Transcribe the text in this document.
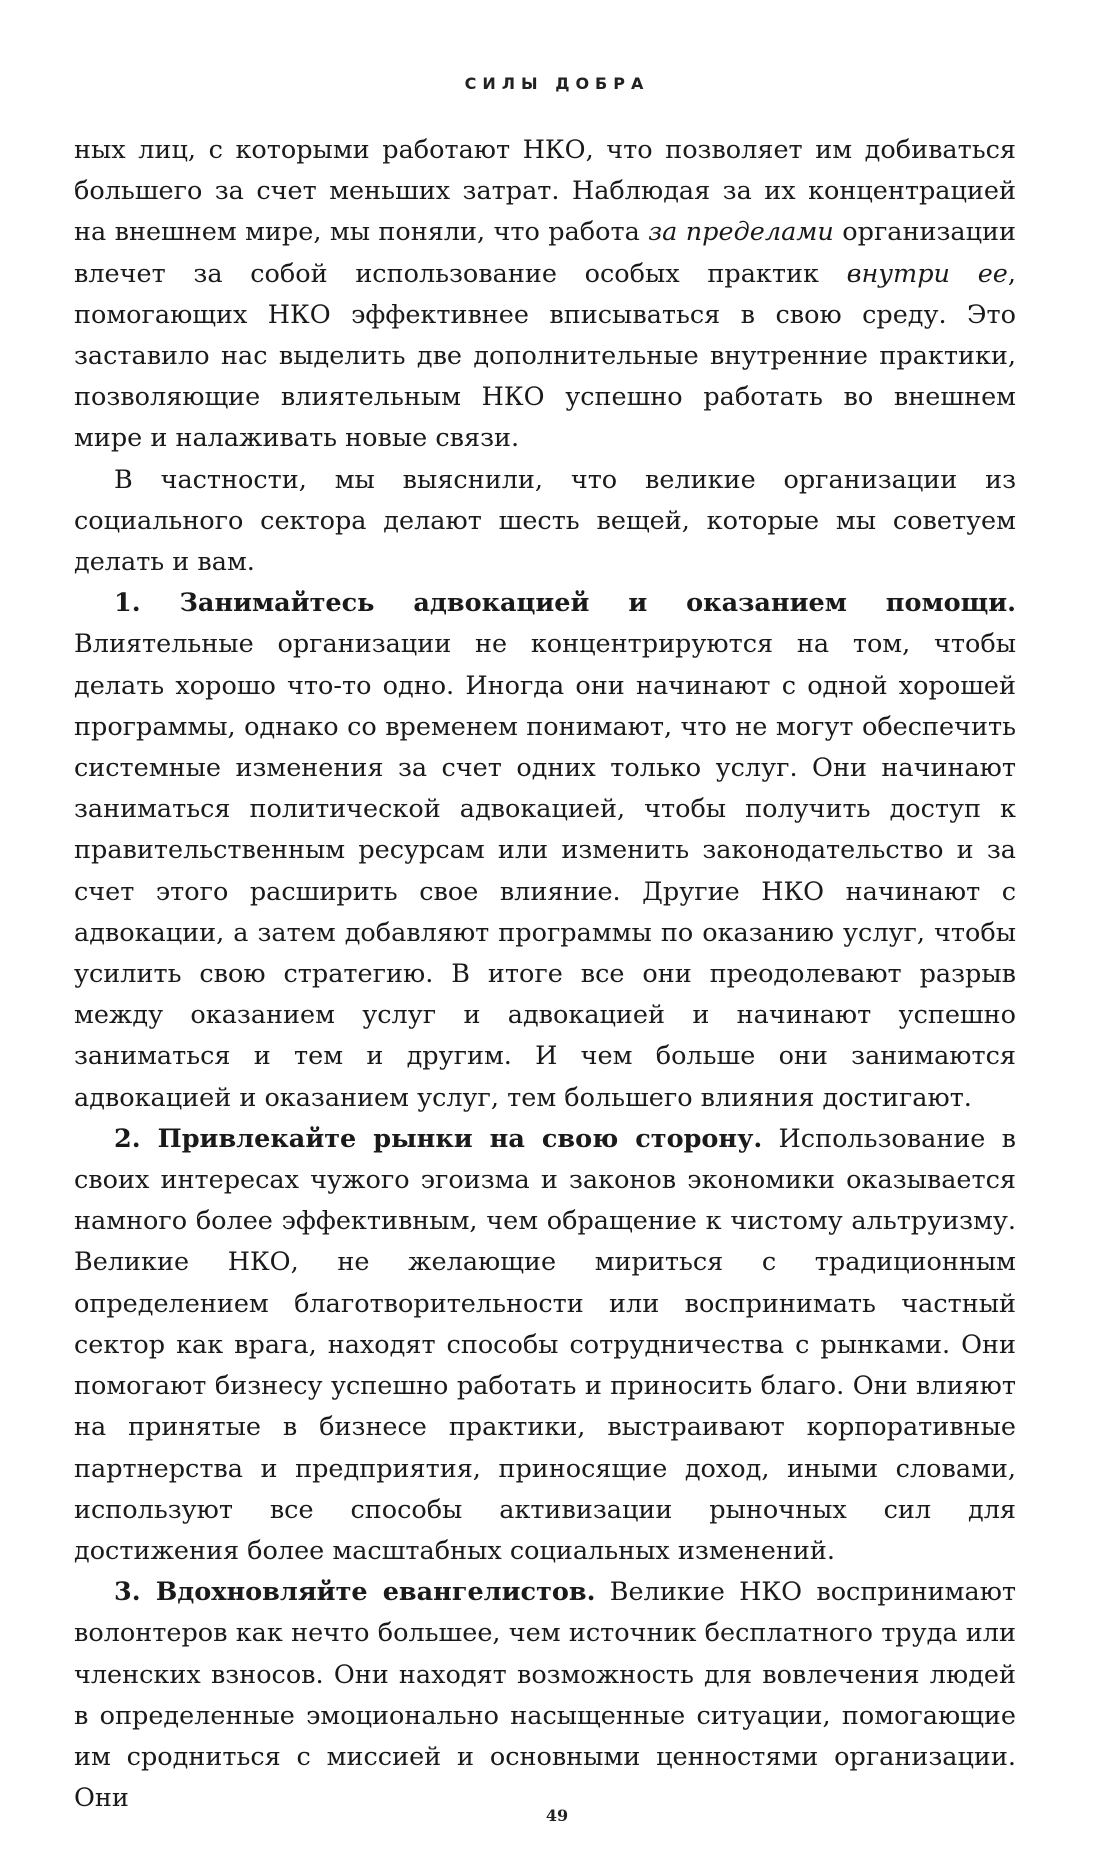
СИЛЫ ДОБРА

ных лиц, с которыми работают НКО, что позволяет им добиваться большего за счет меньших затрат. Наблюдая за их концентрацией на внешнем мире, мы поняли, что работа за пределами организации влечет за собой использование особых практик внутри ее, помогающих НКО эффективнее вписываться в свою среду. Это заставило нас выделить две дополнительные внутренние практики, позволяющие влиятельным НКО успешно работать во внешнем мире и налаживать новые связи.

В частности, мы выяснили, что великие организации из социального сектора делают шесть вещей, которые мы советуем делать и вам.

1. Занимайтесь адвокацией и оказанием помощи. Влиятельные организации не концентрируются на том, чтобы делать хорошо что-то одно. Иногда они начинают с одной хорошей программы, однако со временем понимают, что не могут обеспечить системные изменения за счет одних только услуг. Они начинают заниматься политической адвокацией, чтобы получить доступ к правительственным ресурсам или изменить законодательство и за счет этого расширить свое влияние. Другие НКО начинают с адвокации, а затем добавляют программы по оказанию услуг, чтобы усилить свою стратегию. В итоге все они преодолевают разрыв между оказанием услуг и адвокацией и начинают успешно заниматься и тем и другим. И чем больше они занимаются адвокацией и оказанием услуг, тем большего влияния достигают.

2. Привлекайте рынки на свою сторону. Использование в своих интересах чужого эгоизма и законов экономики оказывается намного более эффективным, чем обращение к чистому альтруизму. Великие НКО, не желающие мириться с традиционным определением благотворительности или воспринимать частный сектор как врага, находят способы сотрудничества с рынками. Они помогают бизнесу успешно работать и приносить благо. Они влияют на принятые в бизнесе практики, выстраивают корпоративные партнерства и предприятия, приносящие доход, иными словами, используют все способы активизации рыночных сил для достижения более масштабных социальных изменений.

3. Вдохновляйте евангелистов. Великие НКО воспринимают волонтеров как нечто большее, чем источник бесплатного труда или членских взносов. Они находят возможность для вовлечения людей в определенные эмоционально насыщенные ситуации, помогающие им сродниться с миссией и основными ценностями организации. Они

49
